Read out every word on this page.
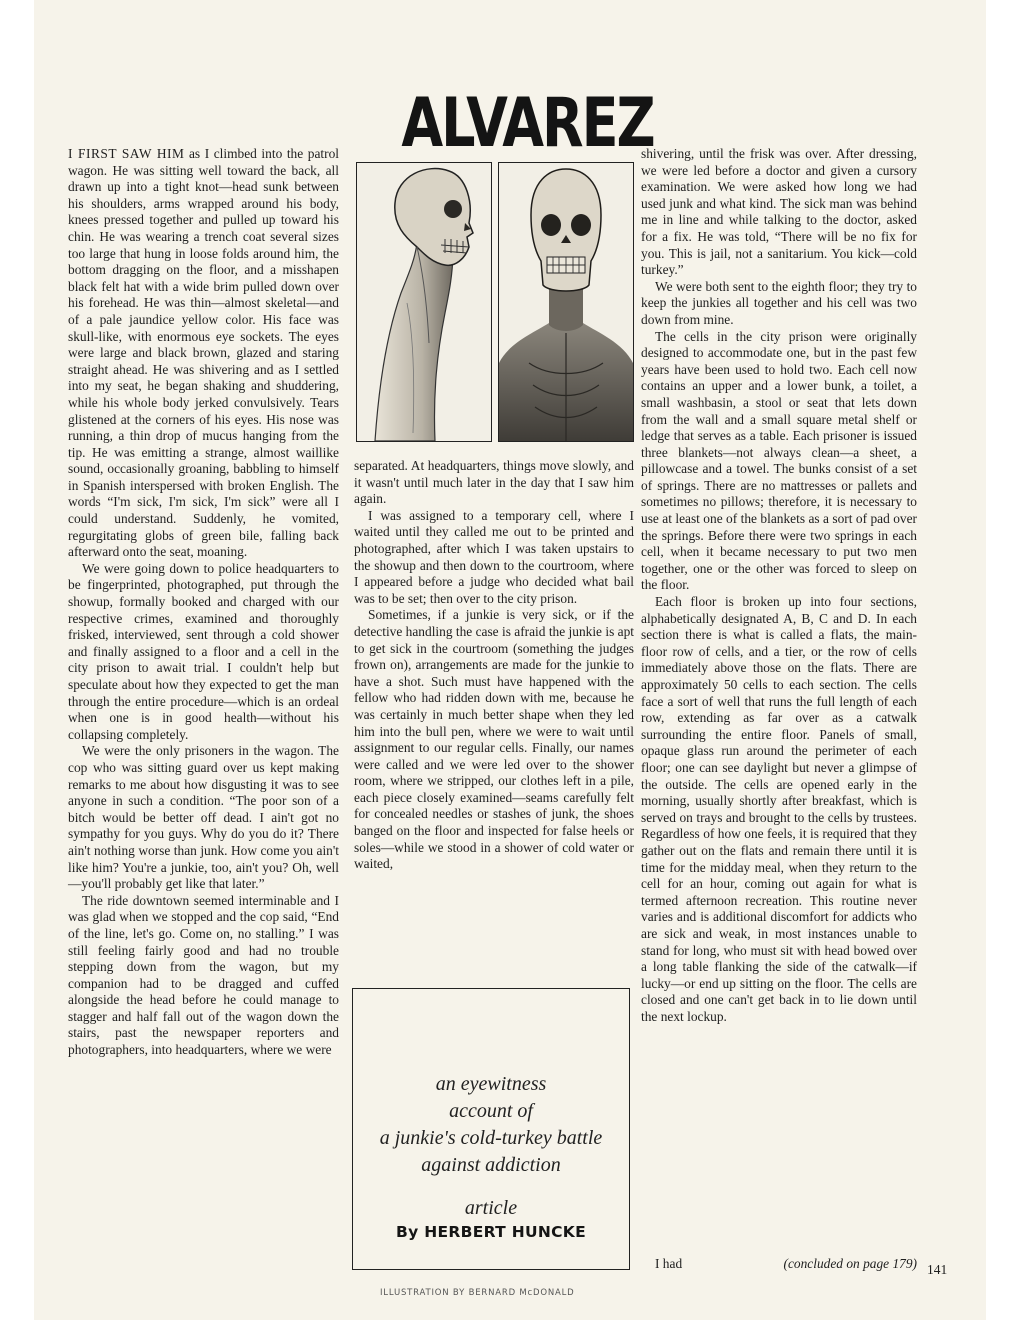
ALVAREZ

I FIRST SAW HIM as I climbed into the patrol wagon. He was sitting well toward the back, all drawn up into a tight knot—head sunk between his shoulders, arms wrapped around his body, knees pressed together and pulled up toward his chin. He was wearing a trench coat several sizes too large that hung in loose folds around him, the bottom dragging on the floor, and a misshapen black felt hat with a wide brim pulled down over his forehead. He was thin—almost skeletal—and of a pale jaundice yellow color. His face was skull-like, with enormous eye sockets. The eyes were large and black brown, glazed and staring straight ahead. He was shivering and as I settled into my seat, he began shaking and shuddering, while his whole body jerked convulsively. Tears glistened at the corners of his eyes. His nose was running, a thin drop of mucus hanging from the tip. He was emitting a strange, almost waillike sound, occasionally groaning, babbling to himself in Spanish interspersed with broken English. The words “I'm sick, I'm sick, I'm sick” were all I could understand. Suddenly, he vomited, regurgitating globs of green bile, falling back afterward onto the seat, moaning.

We were going down to police headquarters to be fingerprinted, photographed, put through the showup, formally booked and charged with our respective crimes, examined and thoroughly frisked, interviewed, sent through a cold shower and finally assigned to a floor and a cell in the city prison to await trial. I couldn't help but speculate about how they expected to get the man through the entire procedure—which is an ordeal when one is in good health—without his collapsing completely.

We were the only prisoners in the wagon. The cop who was sitting guard over us kept making remarks to me about how disgusting it was to see anyone in such a condition. “The poor son of a bitch would be better off dead. I ain't got no sympathy for you guys. Why do you do it? There ain't nothing worse than junk. How come you ain't like him? You're a junkie, too, ain't you? Oh, well—you'll probably get like that later.”

The ride downtown seemed interminable and I was glad when we stopped and the cop said, “End of the line, let's go. Come on, no stalling.” I was still feeling fairly good and had no trouble stepping down from the wagon, but my companion had to be dragged and cuffed alongside the head before he could manage to stagger and half fall out of the wagon down the stairs, past the newspaper reporters and photographers, into headquarters, where we were

separated. At headquarters, things move slowly, and it wasn't until much later in the day that I saw him again.

I was assigned to a temporary cell, where I waited until they called me out to be printed and photographed, after which I was taken upstairs to the showup and then down to the courtroom, where I appeared before a judge who decided what bail was to be set; then over to the city prison.

Sometimes, if a junkie is very sick, or if the detective handling the case is afraid the junkie is apt to get sick in the courtroom (something the judges frown on), arrangements are made for the junkie to have a shot. Such must have happened with the fellow who had ridden down with me, because he was certainly in much better shape when they led him into the bull pen, where we were to wait until assignment to our regular cells. Finally, our names were called and we were led over to the shower room, where we stripped, our clothes left in a pile, each piece closely examined—seams carefully felt for concealed needles or stashes of junk, the shoes banged on the floor and inspected for false heels or soles—while we stood in a shower of cold water or waited,

an eyewitness
account of
a junkie's cold-turkey battle
against addiction
article
By HERBERT HUNCKE

shivering, until the frisk was over. After dressing, we were led before a doctor and given a cursory examination. We were asked how long we had used junk and what kind. The sick man was behind me in line and while talking to the doctor, asked for a fix. He was told, “There will be no fix for you. This is jail, not a sanitarium. You kick—cold turkey.”

We were both sent to the eighth floor; they try to keep the junkies all together and his cell was two down from mine.

The cells in the city prison were originally designed to accommodate one, but in the past few years have been used to hold two. Each cell now contains an upper and a lower bunk, a toilet, a small washbasin, a stool or seat that lets down from the wall and a small square metal shelf or ledge that serves as a table. Each prisoner is issued three blankets—not always clean—a sheet, a pillowcase and a towel. The bunks consist of a set of springs. There are no mattresses or pallets and sometimes no pillows; therefore, it is necessary to use at least one of the blankets as a sort of pad over the springs. Before there were two springs in each cell, when it became necessary to put two men together, one or the other was forced to sleep on the floor.

Each floor is broken up into four sections, alphabetically designated A, B, C and D. In each section there is what is called a flats, the main-floor row of cells, and a tier, or the row of cells immediately above those on the flats. There are approximately 50 cells to each section. The cells face a sort of well that runs the full length of each row, extending as far over as a catwalk surrounding the entire floor. Panels of small, opaque glass run around the perimeter of each floor; one can see daylight but never a glimpse of the outside. The cells are opened early in the morning, usually shortly after breakfast, which is served on trays and brought to the cells by trustees. Regardless of how one feels, it is required that they gather out on the flats and remain there until it is time for the midday meal, when they return to the cell for an hour, coming out again for what is termed afternoon recreation. This routine never varies and is additional discomfort for addicts who are sick and weak, in most instances unable to stand for long, who must sit with head bowed over a long table flanking the side of the catwalk—if lucky—or end up sitting on the floor. The cells are closed and one can't get back in to lie down until the next lockup.

I had	(concluded on page 179) 141
ILLUSTRATION BY BERNARD McDONALD
